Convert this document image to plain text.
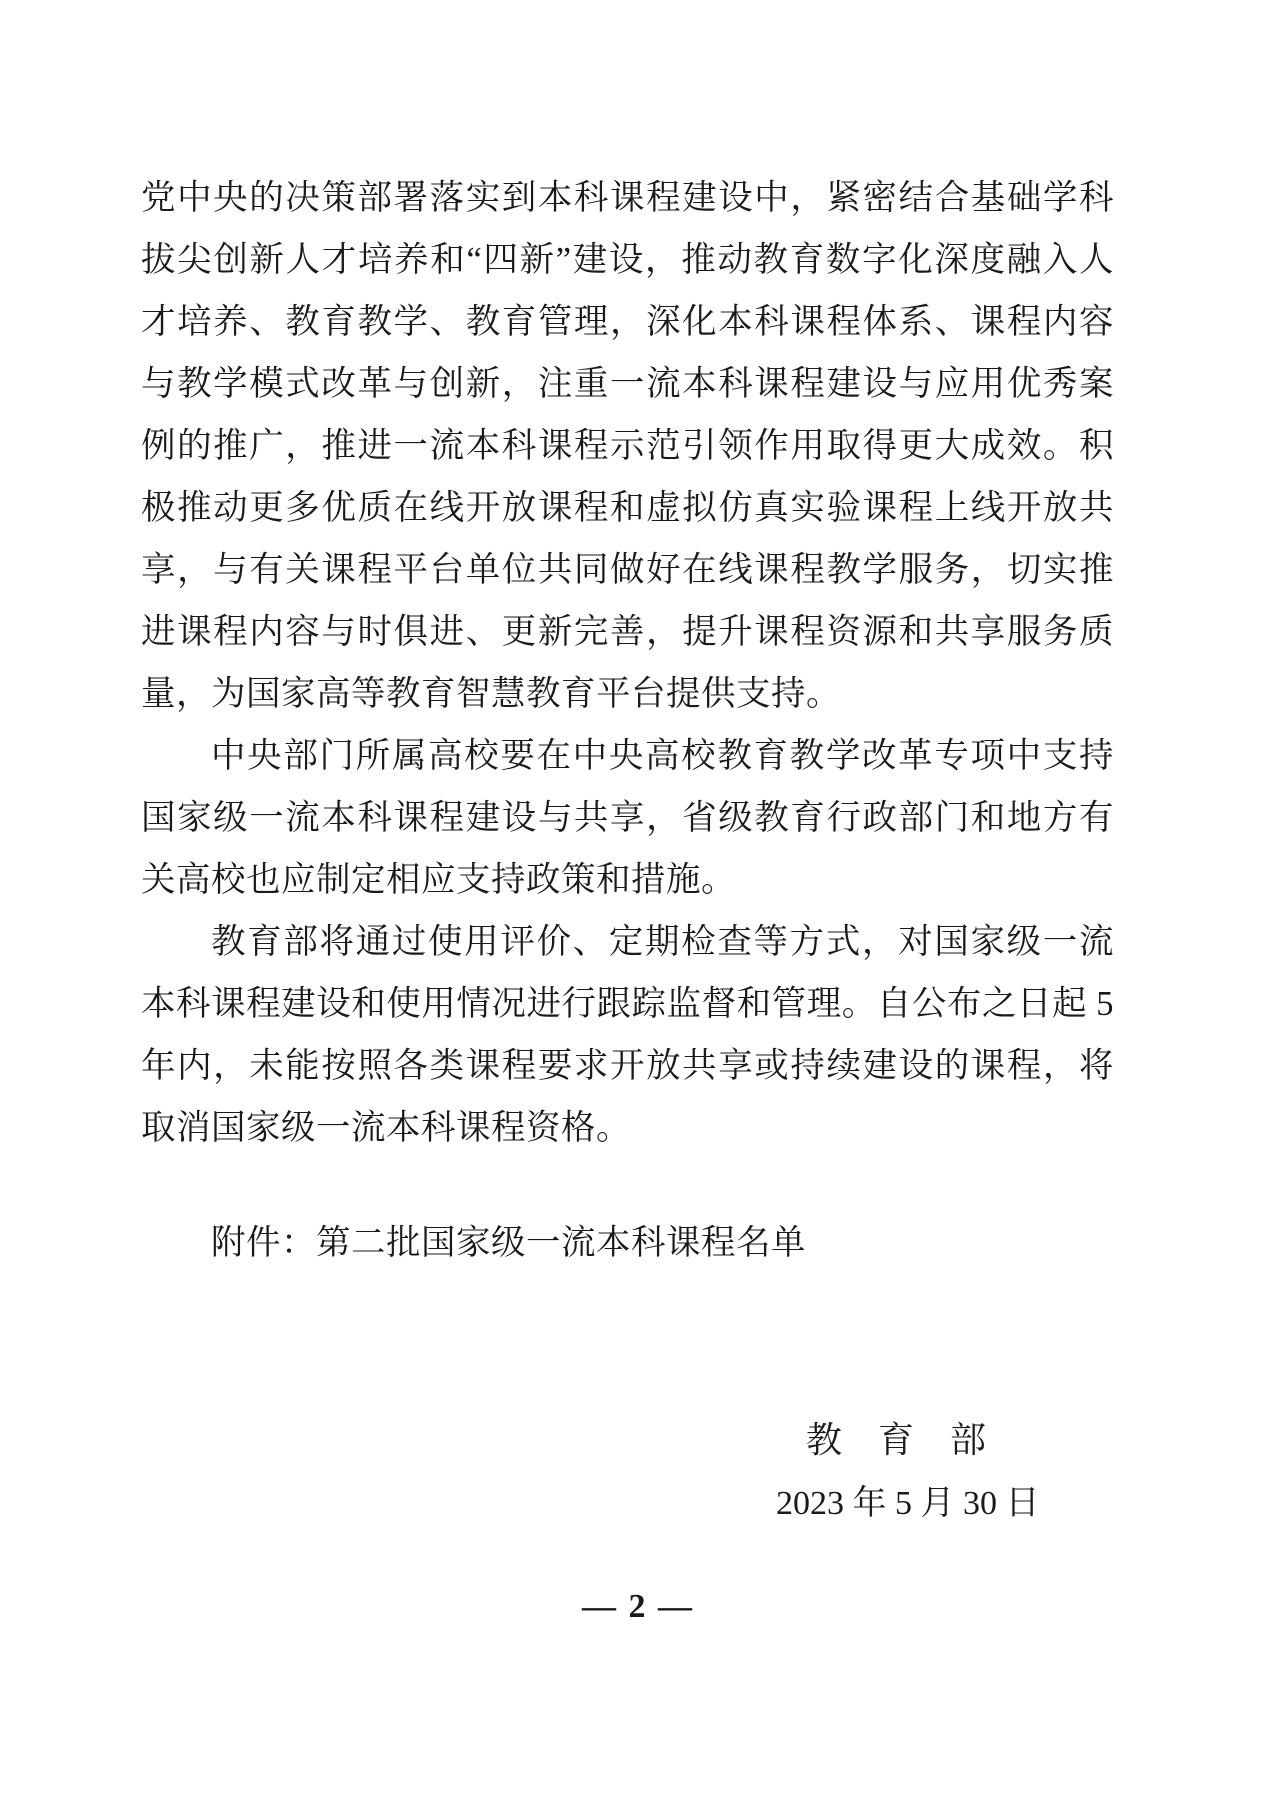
党中央的决策部署落实到本科课程建设中，紧密结合基础学科拔尖创新人才培养和“四新”建设，推动教育数字化深度融入人才培养、教育教学、教育管理，深化本科课程体系、课程内容与教学模式改革与创新，注重一流本科课程建设与应用优秀案例的推广，推进一流本科课程示范引领作用取得更大成效。积极推动更多优质在线开放课程和虚拟仿真实验课程上线开放共享，与有关课程平台单位共同做好在线课程教学服务，切实推进课程内容与时俱进、更新完善，提升课程资源和共享服务质量，为国家高等教育智慧教育平台提供支持。

中央部门所属高校要在中央高校教育教学改革专项中支持国家级一流本科课程建设与共享，省级教育行政部门和地方有关高校也应制定相应支持政策和措施。

教育部将通过使用评价、定期检查等方式，对国家级一流本科课程建设和使用情况进行跟踪监督和管理。自公布之日起 5 年内，未能按照各类课程要求开放共享或持续建设的课程，将取消国家级一流本科课程资格。

附件：第二批国家级一流本科课程名单
教　育　部
2023 年 5 月 30 日
— 2 —
